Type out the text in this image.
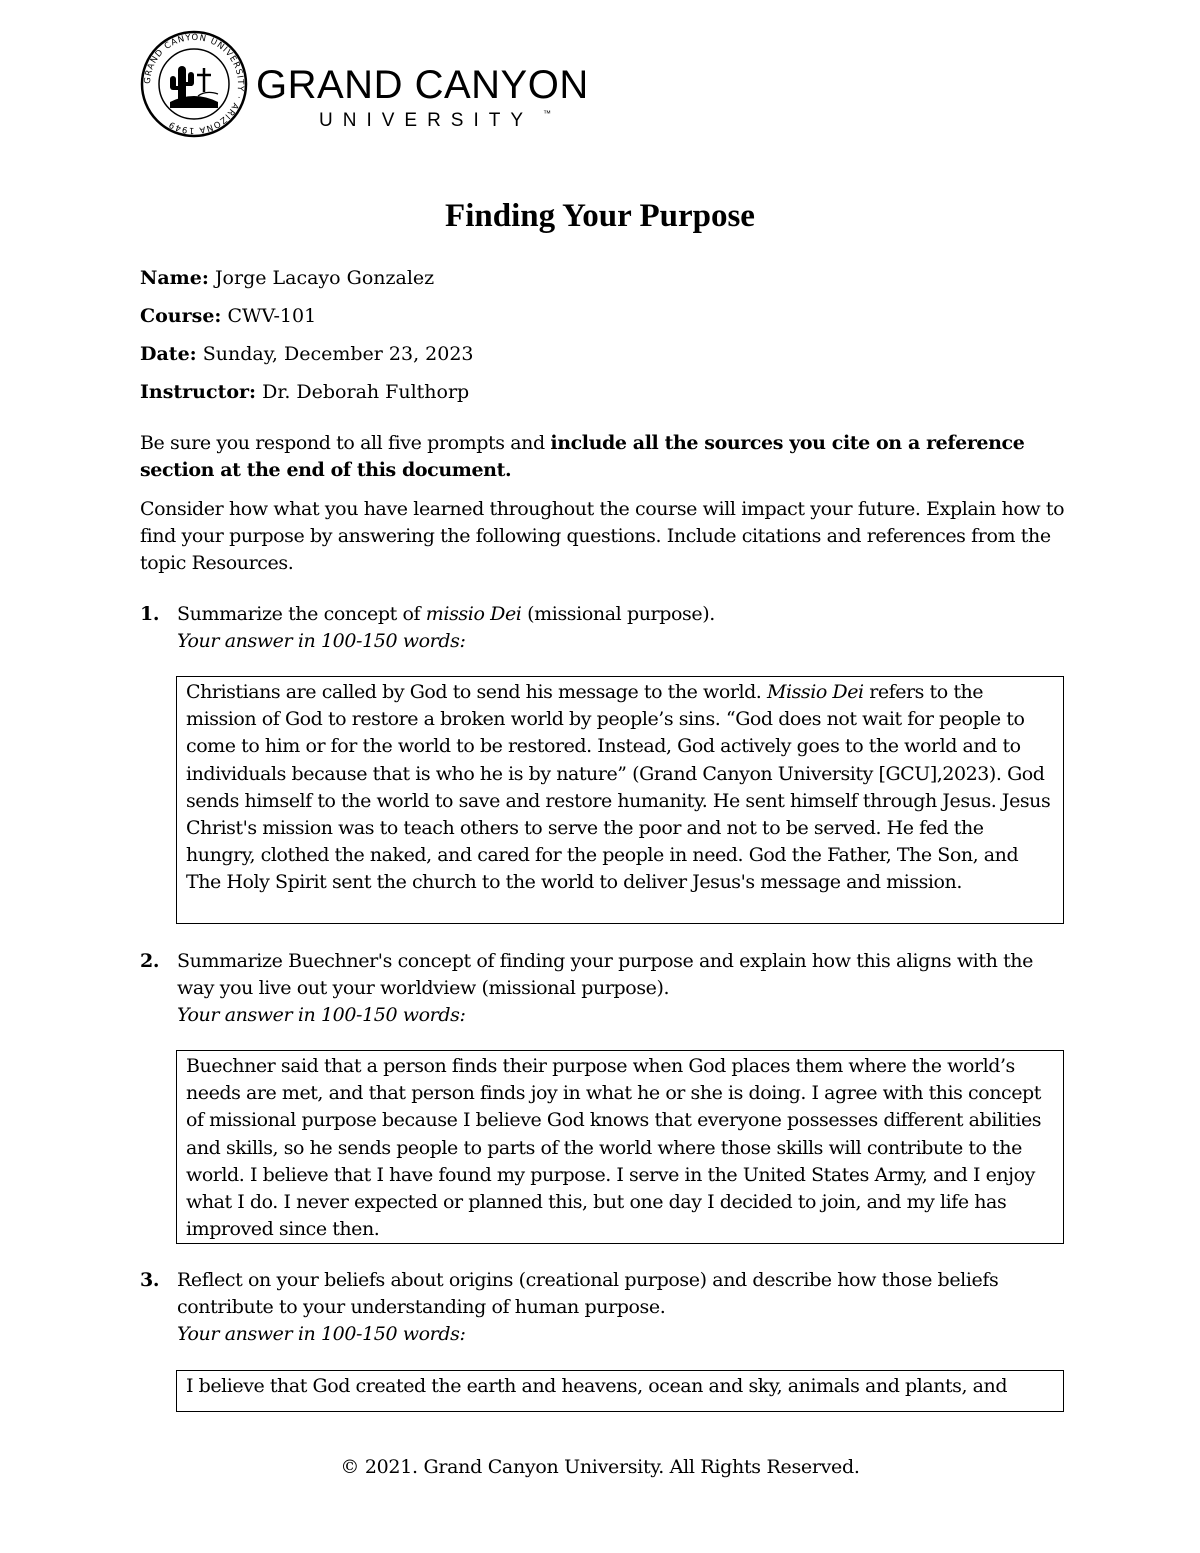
GRAND CANYON UNIVERSITY · ARIZONA 1949
GRAND CANYON
UNIVERSITY ™
Finding Your Purpose
Name: Jorge Lacayo Gonzalez
Course: CWV-101
Date: Sunday, December 23, 2023
Instructor: Dr. Deborah Fulthorp
Be sure you respond to all five prompts and include all the sources you cite on a reference section at the end of this document.
Consider how what you have learned throughout the course will impact your future. Explain how to find your purpose by answering the following questions. Include citations and references from the topic Resources.
1. Summarize the concept of missio Dei (missional purpose).
Your answer in 100-150 words:
Christians are called by God to send his message to the world. Missio Dei refers to the mission of God to restore a broken world by people’s sins. “God does not wait for people to come to him or for the world to be restored. Instead, God actively goes to the world and to individuals because that is who he is by nature” (Grand Canyon University [GCU],2023). God sends himself to the world to save and restore humanity. He sent himself through Jesus. Jesus Christ's mission was to teach others to serve the poor and not to be served. He fed the hungry, clothed the naked, and cared for the people in need. God the Father, The Son, and The Holy Spirit sent the church to the world to deliver Jesus's message and mission.
2. Summarize Buechner's concept of finding your purpose and explain how this aligns with the way you live out your worldview (missional purpose).
Your answer in 100-150 words:
Buechner said that a person finds their purpose when God places them where the world’s needs are met, and that person finds joy in what he or she is doing. I agree with this concept of missional purpose because I believe God knows that everyone possesses different abilities and skills, so he sends people to parts of the world where those skills will contribute to the world. I believe that I have found my purpose. I serve in the United States Army, and I enjoy what I do. I never expected or planned this, but one day I decided to join, and my life has improved since then.
3. Reflect on your beliefs about origins (creational purpose) and describe how those beliefs contribute to your understanding of human purpose.
Your answer in 100-150 words:
I believe that God created the earth and heavens, ocean and sky, animals and plants, and
© 2021. Grand Canyon University. All Rights Reserved.
